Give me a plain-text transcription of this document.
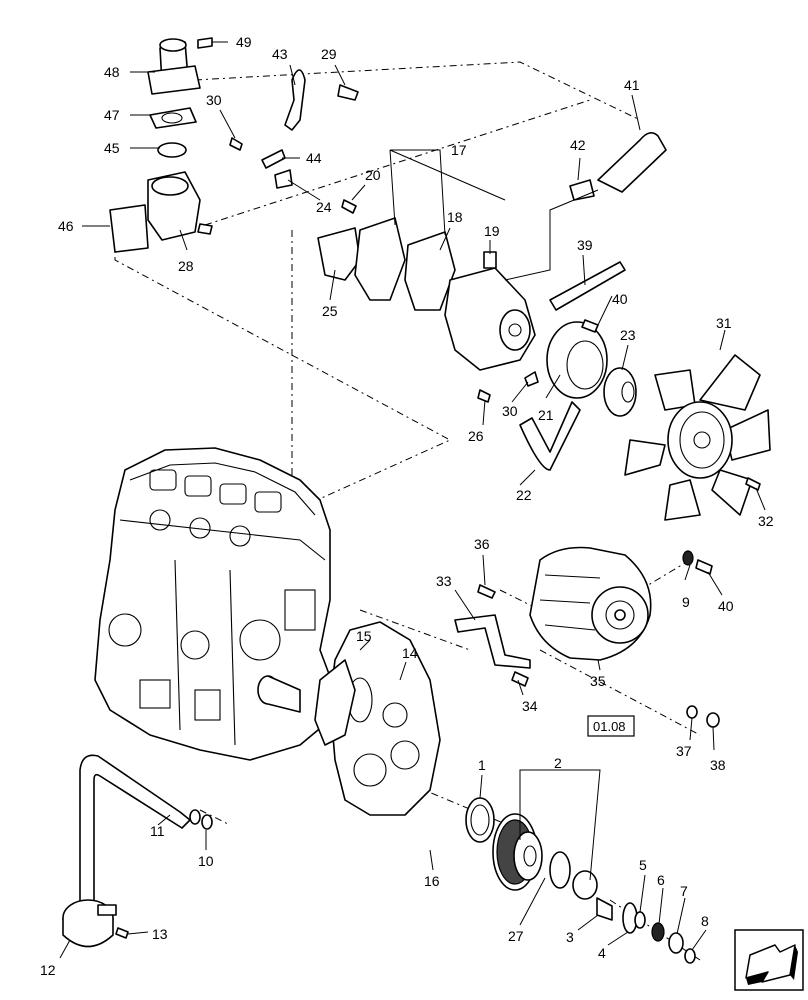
49
48
47
45
46
28
30
43 29
44
24
20
17
18
19
25
42
41
39
40
23
31
21
30
26
22
32
36
33
9 40
34
35
37
38
15
14
1	2
16
27	3
4
5
6
7
8
11
10
12
13
01.08
